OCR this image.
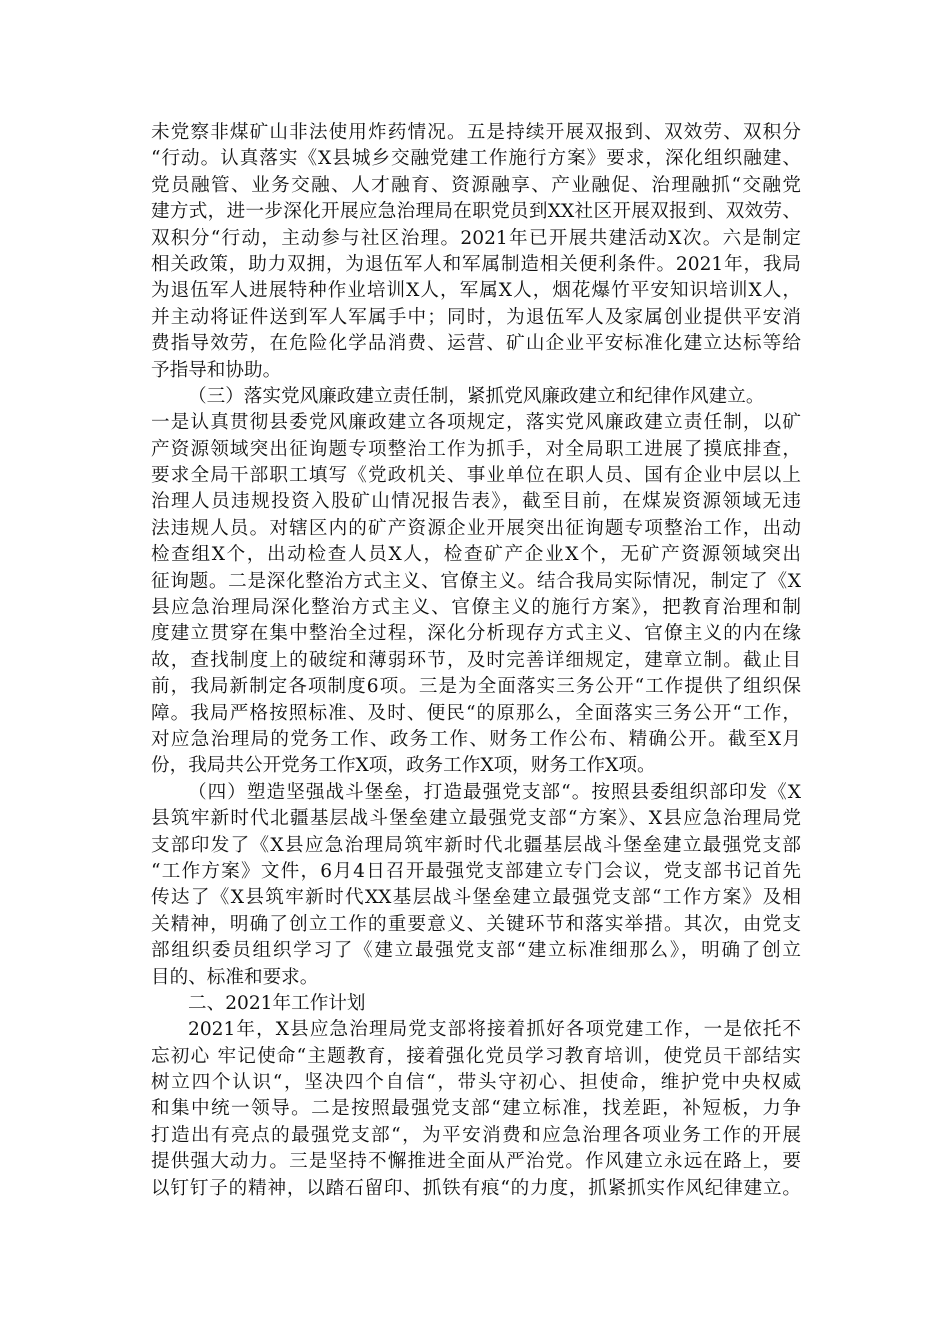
未党察非煤矿山非法使用炸药情况。五是持续开展双报到、双效劳、双积分
“行动。认真落实《X县城乡交融党建工作施行方案》要求，深化组织融建、
党员融管、业务交融、人才融育、资源融享、产业融促、治理融抓“交融党
建方式，进一步深化开展应急治理局在职党员到XX社区开展双报到、双效劳、
双积分“行动，主动参与社区治理。2021年已开展共建活动X次。六是制定
相关政策，助力双拥，为退伍军人和军属制造相关便利条件。2021年，我局
为退伍军人进展特种作业培训X人，军属X人，烟花爆竹平安知识培训X人，
并主动将证件送到军人军属手中；同时，为退伍军人及家属创业提供平安消
费指导效劳，在危险化学品消费、运营、矿山企业平安标准化建立达标等给
予指导和协助。
（三）落实党风廉政建立责任制，紧抓党风廉政建立和纪律作风建立。
一是认真贯彻县委党风廉政建立各项规定，落实党风廉政建立责任制，以矿
产资源领域突出征询题专项整治工作为抓手，对全局职工进展了摸底排查，
要求全局干部职工填写《党政机关、事业单位在职人员、国有企业中层以上
治理人员违规投资入股矿山情况报告表》，截至目前，在煤炭资源领域无违
法违规人员。对辖区内的矿产资源企业开展突出征询题专项整治工作，出动
检查组X个，出动检查人员X人，检查矿产企业X个，无矿产资源领域突出
征询题。二是深化整治方式主义、官僚主义。结合我局实际情况，制定了《X
县应急治理局深化整治方式主义、官僚主义的施行方案》，把教育治理和制
度建立贯穿在集中整治全过程，深化分析现存方式主义、官僚主义的内在缘
故，查找制度上的破绽和薄弱环节，及时完善详细规定，建章立制。截止目
前，我局新制定各项制度6项。三是为全面落实三务公开“工作提供了组织保
障。我局严格按照标准、及时、便民“的原那么，全面落实三务公开“工作，
对应急治理局的党务工作、政务工作、财务工作公布、精确公开。截至X月
份，我局共公开党务工作X项，政务工作X项，财务工作X项。
（四）塑造坚强战斗堡垒，打造最强党支部“。按照县委组织部印发《X
县筑牢新时代北疆基层战斗堡垒建立最强党支部“方案》、X县应急治理局党
支部印发了《X县应急治理局筑牢新时代北疆基层战斗堡垒建立最强党支部
“工作方案》文件，6月4日召开最强党支部建立专门会议，党支部书记首先
传达了《X县筑牢新时代XX基层战斗堡垒建立最强党支部“工作方案》及相
关精神，明确了创立工作的重要意义、关键环节和落实举措。其次，由党支
部组织委员组织学习了《建立最强党支部“建立标准细那么》，明确了创立
目的、标准和要求。
二、2021年工作计划
2021年，X县应急治理局党支部将接着抓好各项党建工作，一是依托不
忘初心 牢记使命“主题教育，接着强化党员学习教育培训，使党员干部结实
树立四个认识“，坚决四个自信“，带头守初心、担使命，维护党中央权威
和集中统一领导。二是按照最强党支部“建立标准，找差距，补短板，力争
打造出有亮点的最强党支部“，为平安消费和应急治理各项业务工作的开展
提供强大动力。三是坚持不懈推进全面从严治党。作风建立永远在路上，要
以钉钉子的精神，以踏石留印、抓铁有痕“的力度，抓紧抓实作风纪律建立。
